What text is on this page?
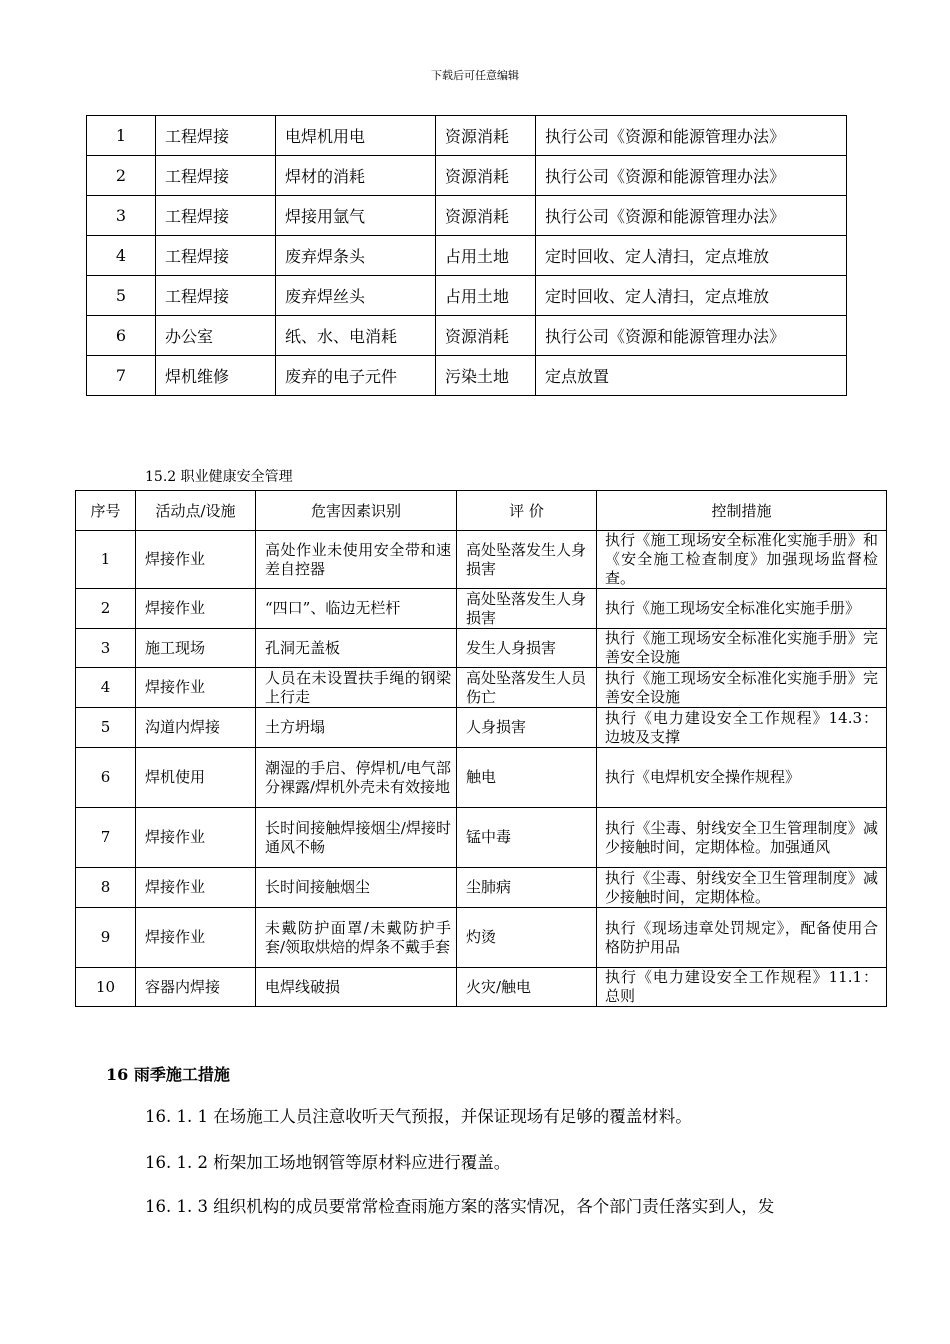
下载后可任意编辑
1	工程焊接	电焊机用电	资源消耗	执行公司《资源和能源管理办法》
2	工程焊接	焊材的消耗	资源消耗	执行公司《资源和能源管理办法》
3	工程焊接	焊接用氩气	资源消耗	执行公司《资源和能源管理办法》
4	工程焊接	废弃焊条头	占用土地	定时回收、定人清扫，定点堆放
5	工程焊接	废弃焊丝头	占用土地	定时回收、定人清扫，定点堆放
6	办公室	纸、水、电消耗	资源消耗	执行公司《资源和能源管理办法》
7	焊机维修	废弃的电子元件	污染土地	定点放置
15.2 职业健康安全管理
序号	活动点/设施	危害因素识别	评 价	控制措施
1	焊接作业	高处作业未使用安全带和速差自控器	高处坠落发生人身损害	执行《施工现场安全标准化实施手册》和《安全施工检查制度》加强现场监督检查。
2	焊接作业	“四口”、临边无栏杆	高处坠落发生人身损害	执行《施工现场安全标准化实施手册》
3	施工现场	孔洞无盖板	发生人身损害	执行《施工现场安全标准化实施手册》完善安全设施
4	焊接作业	人员在未设置扶手绳的钢梁上行走	高处坠落发生人员伤亡	执行《施工现场安全标准化实施手册》完善安全设施
5	沟道内焊接	土方坍塌	人身损害	执行《电力建设安全工作规程》14.3：边坡及支撑
6	焊机使用	潮湿的手启、停焊机/电气部分裸露/焊机外壳未有效接地	触电	执行《电焊机安全操作规程》
7	焊接作业	长时间接触焊接烟尘/焊接时通风不畅	锰中毒	执行《尘毒、射线安全卫生管理制度》减少接触时间，定期体检。加强通风
8	焊接作业	长时间接触烟尘	尘肺病	执行《尘毒、射线安全卫生管理制度》减少接触时间，定期体检。
9	焊接作业	未戴防护面罩/未戴防护手套/领取烘焙的焊条不戴手套	灼烫	执行《现场违章处罚规定》，配备使用合格防护用品
10	容器内焊接	电焊线破损	火灾/触电	执行《电力建设安全工作规程》11.1：总则
16 雨季施工措施
16. 1. 1 在场施工人员注意收听天气预报，并保证现场有足够的覆盖材料。
16. 1. 2 桁架加工场地钢管等原材料应进行覆盖。
16. 1. 3 组织机构的成员要常常检查雨施方案的落实情况，各个部门责任落实到人，发
